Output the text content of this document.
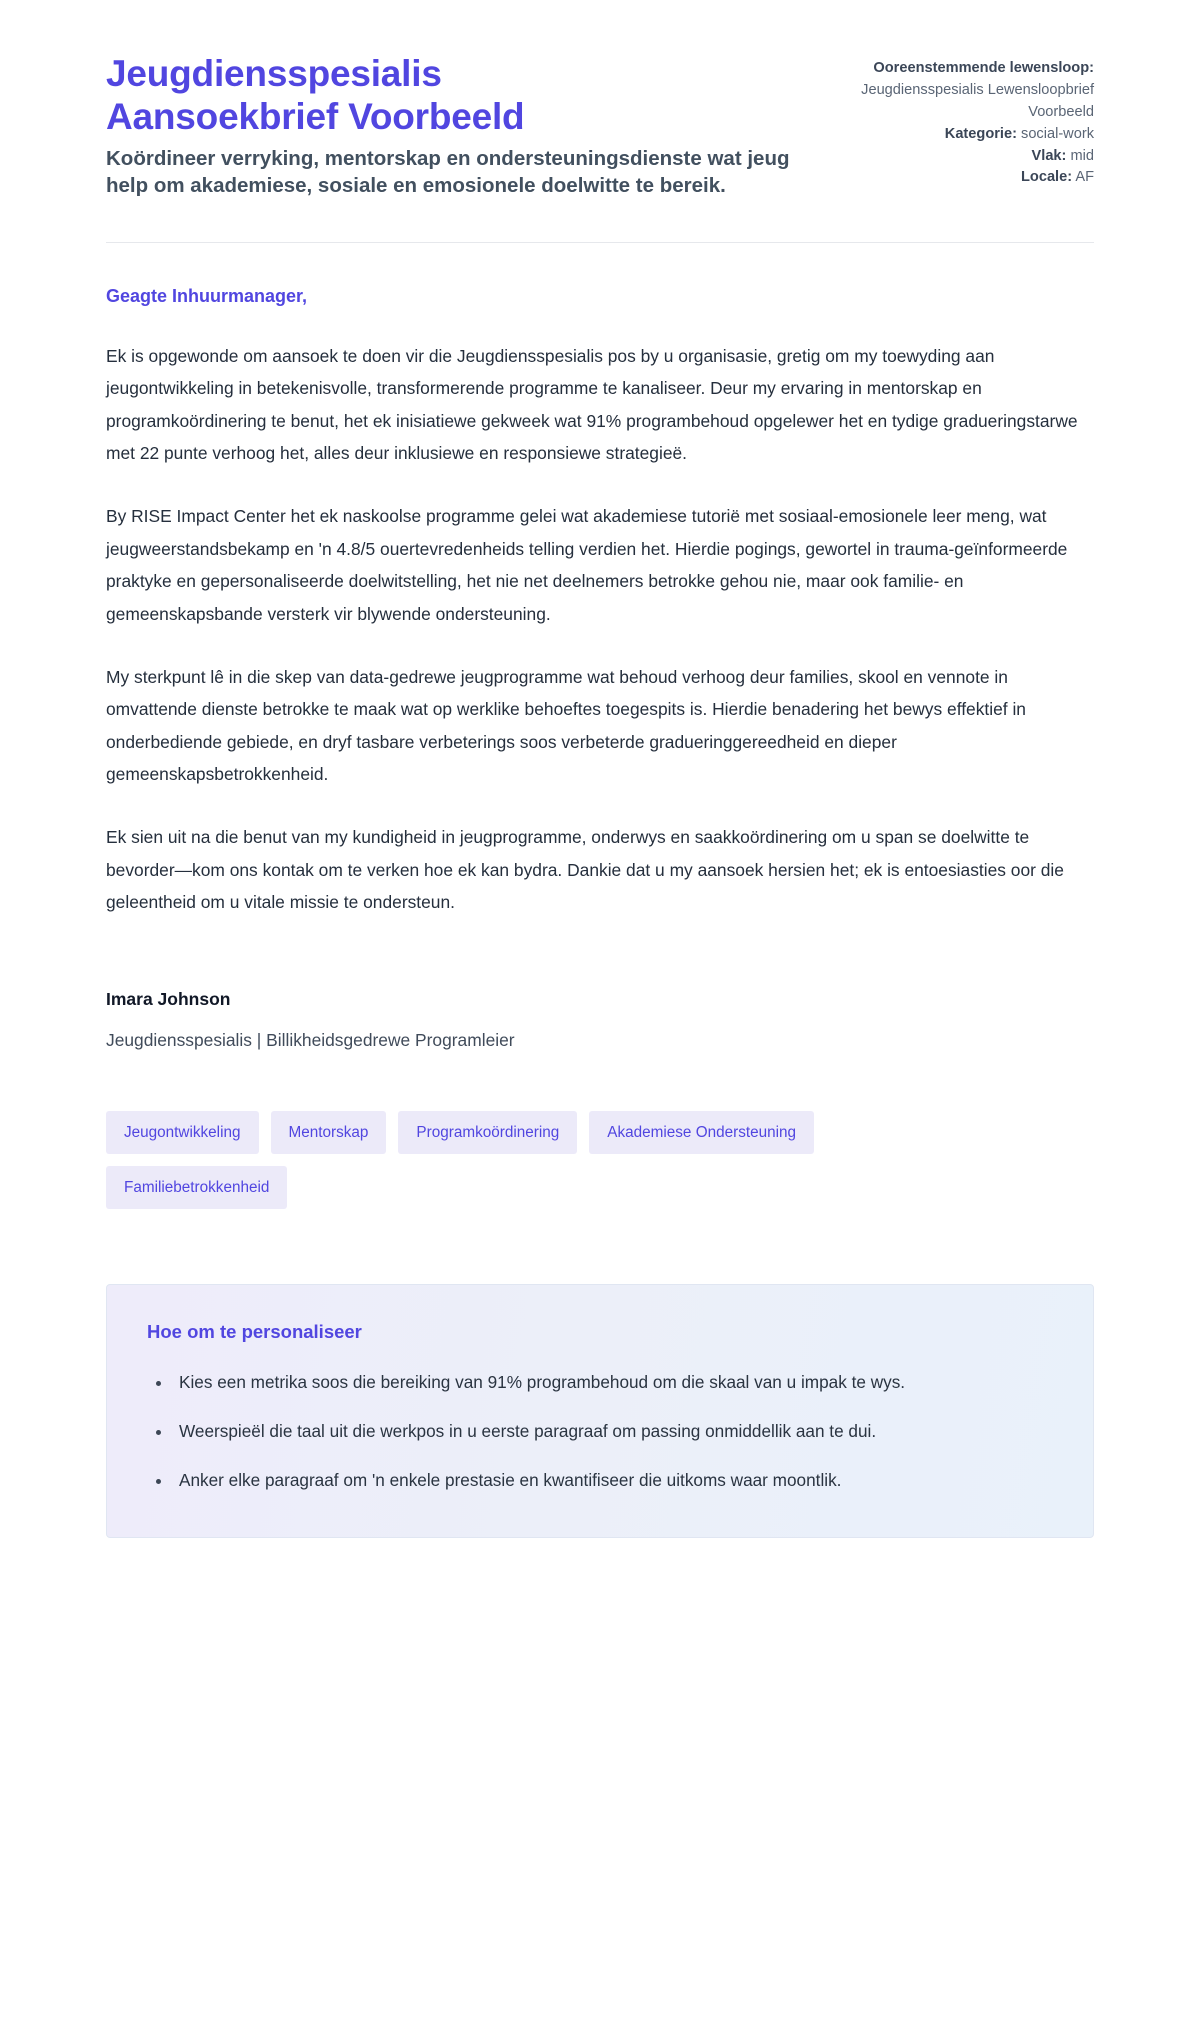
Jeugdiensspesialis Aansoekbrief Voorbeeld

Koördineer verryking, mentorskap en ondersteuningsdienste wat jeug help om akademiese, sosiale en emosionele doelwitte te bereik.

Ooreenstemmende lewensloop:
Jeugdiensspesialis Lewensloopbrief Voorbeeld
Kategorie: social-work
Vlak: mid
Locale: AF

Geagte Inhuurmanager,

Ek is opgewonde om aansoek te doen vir die Jeugdiensspesialis pos by u organisasie, gretig om my toewyding aan jeugontwikkeling in betekenisvolle, transformerende programme te kanaliseer. Deur my ervaring in mentorskap en programkoördinering te benut, het ek inisiatiewe gekweek wat 91% programbehoud opgelewer het en tydige gradueringstarwe met 22 punte verhoog het, alles deur inklusiewe en responsiewe strategieë.

By RISE Impact Center het ek naskoolse programme gelei wat akademiese tutorië met sosiaal-emosionele leer meng, wat jeugweerstandsbekamp en 'n 4.8/5 ouertevredenheids telling verdien het. Hierdie pogings, gewortel in trauma-geïnformeerde praktyke en gepersonaliseerde doelwitstelling, het nie net deelnemers betrokke gehou nie, maar ook familie- en gemeenskapsbande versterk vir blywende ondersteuning.

My sterkpunt lê in die skep van data-gedrewe jeugprogramme wat behoud verhoog deur families, skool en vennote in omvattende dienste betrokke te maak wat op werklike behoeftes toegespits is. Hierdie benadering het bewys effektief in onderbediende gebiede, en dryf tasbare verbeterings soos verbeterde gradueringgereedheid en dieper gemeenskapsbetrokkenheid.

Ek sien uit na die benut van my kundigheid in jeugprogramme, onderwys en saakkoördinering om u span se doelwitte te bevorder—kom ons kontak om te verken hoe ek kan bydra. Dankie dat u my aansoek hersien het; ek is entoesiasties oor die geleentheid om u vitale missie te ondersteun.

Imara Johnson

Jeugdiensspesialis | Billikheidsgedrewe Programleier

Jeugontwikkeling	Mentorskap	Programkoördinering	Akademiese Ondersteuning
Familiebetrokkenheid

Hoe om te personaliseer

• Kies een metrika soos die bereiking van 91% programbehoud om die skaal van u impak te wys.
• Weerspieël die taal uit die werkpos in u eerste paragraaf om passing onmiddellik aan te dui.
• Anker elke paragraaf om 'n enkele prestasie en kwantifiseer die uitkoms waar moontlik.
